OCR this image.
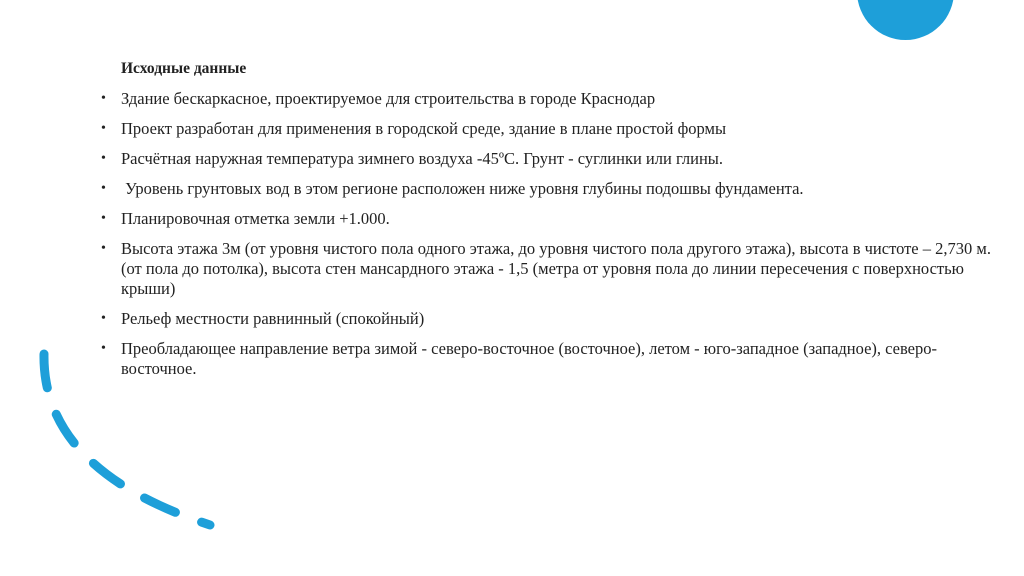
Исходные данные
• Здание бескаркасное, проектируемое для строительства в городе Краснодар
• Проект разработан для применения в городской среде, здание в плане простой формы
• Расчётная наружная температура зимнего воздуха -45ºС. Грунт - суглинки или глины.
• Уровень грунтовых вод в этом регионе расположен ниже уровня глубины подошвы фундамента.
• Планировочная отметка земли +1.000.
• Высота этажа 3м (от уровня чистого пола одного этажа, до уровня чистого пола другого этажа), высота в чистоте – 2,730 м. (от пола до потолка), высота стен мансардного этажа - 1,5 (метра от уровня пола до линии пересечения с поверхностью крыши)
• Рельеф местности равнинный (спокойный)
• Преобладающее направление ветра зимой - северо-восточное (восточное), летом - юго-западное (западное), северо-восточное.
